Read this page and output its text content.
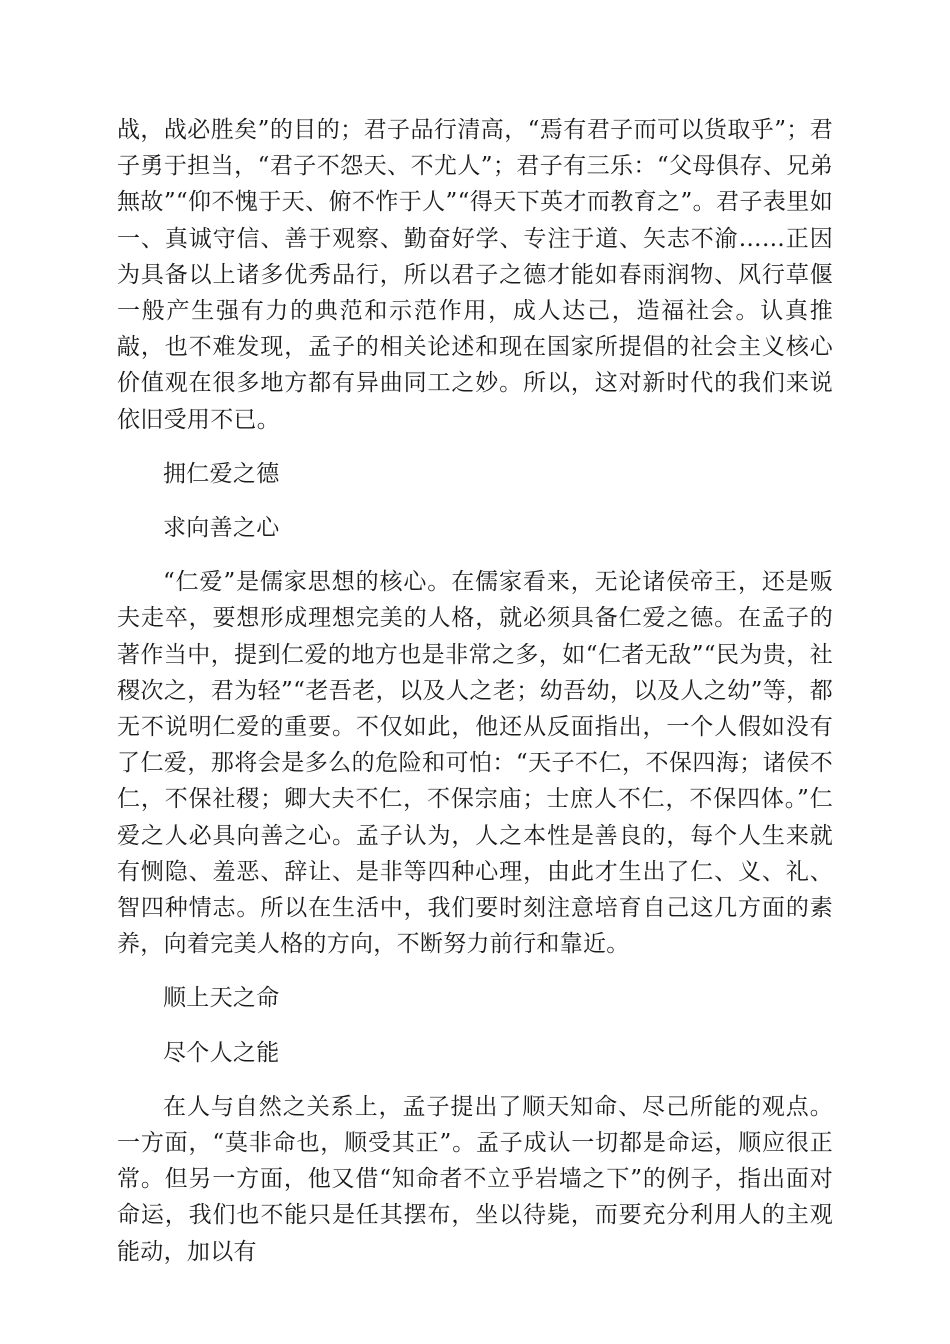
战，战必胜矣”的目的；君子品行清高，“焉有君子而可以货取乎”；君子勇于担当，“君子不怨天、不尤人”；君子有三乐：“父母俱存、兄弟無故”“仰不愧于天、俯不怍于人”“得天下英才而教育之”。君子表里如一、真诚守信、善于观察、勤奋好学、专注于道、矢志不渝……正因为具备以上诸多优秀品行，所以君子之德才能如春雨润物、风行草偃一般产生强有力的典范和示范作用，成人达己，造福社会。认真推敲，也不难发现，孟子的相关论述和现在国家所提倡的社会主义核心价值观在很多地方都有异曲同工之妙。所以，这对新时代的我们来说依旧受用不已。

拥仁爱之德

求向善之心

“仁爱”是儒家思想的核心。在儒家看来，无论诸侯帝王，还是贩夫走卒，要想形成理想完美的人格，就必须具备仁爱之德。在孟子的著作当中，提到仁爱的地方也是非常之多，如“仁者无敌”“民为贵，社稷次之，君为轻”“老吾老，以及人之老；幼吾幼，以及人之幼”等，都无不说明仁爱的重要。不仅如此，他还从反面指出，一个人假如没有了仁爱，那将会是多么的危险和可怕：“天子不仁，不保四海；诸侯不仁，不保社稷；卿大夫不仁，不保宗庙；士庶人不仁，不保四体。”仁爱之人必具向善之心。孟子认为，人之本性是善良的，每个人生来就有恻隐、羞恶、辞让、是非等四种心理，由此才生出了仁、义、礼、智四种情志。所以在生活中，我们要时刻注意培育自己这几方面的素养，向着完美人格的方向，不断努力前行和靠近。

顺上天之命

尽个人之能

在人与自然之关系上，孟子提出了顺天知命、尽己所能的观点。一方面，“莫非命也，顺受其正”。孟子成认一切都是命运，顺应很正常。但另一方面，他又借“知命者不立乎岩墙之下”的例子，指出面对命运，我们也不能只是任其摆布，坐以待毙，而要充分利用人的主观能动，加以有
